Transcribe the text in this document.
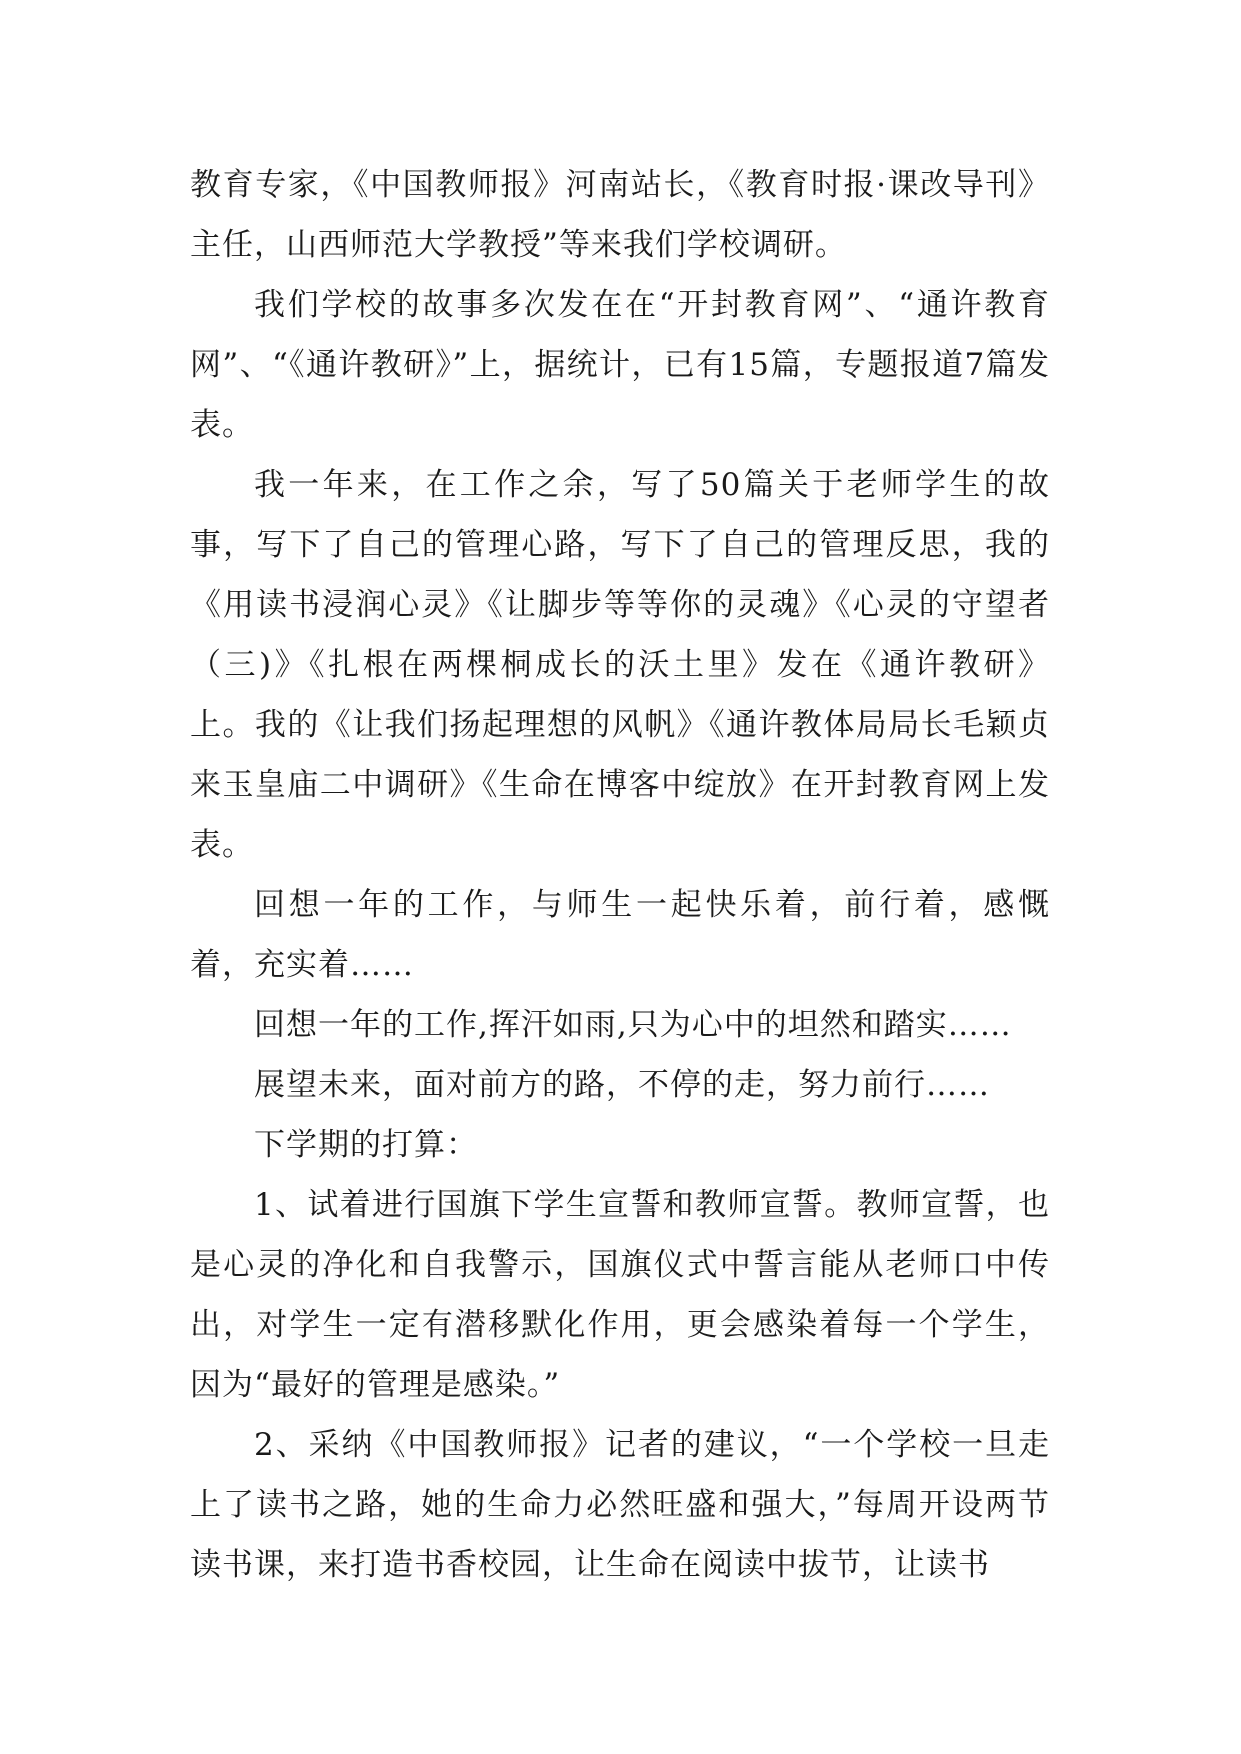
教育专家，《中国教师报》河南站长，《教育时报·课改导刊》主任，山西师范大学教授”等来我们学校调研。

我们学校的故事多次发在在“开封教育网”、“通许教育网”、“《通许教研》”上，据统计，已有15篇，专题报道7篇发表。

我一年来，在工作之余，写了50篇关于老师学生的故事，写下了自己的管理心路，写下了自己的管理反思，我的《用读书浸润心灵》《让脚步等等你的灵魂》《心灵的守望者（三)》《扎根在两棵桐成长的沃土里》发在《通许教研》上。我的《让我们扬起理想的风帆》《通许教体局局长毛颖贞来玉皇庙二中调研》《生命在博客中绽放》在开封教育网上发表。

回想一年的工作，与师生一起快乐着，前行着，感慨着，充实着……

回想一年的工作,挥汗如雨,只为心中的坦然和踏实……

展望未来，面对前方的路，不停的走，努力前行……

下学期的打算：

1、试着进行国旗下学生宣誓和教师宣誓。教师宣誓，也是心灵的净化和自我警示，国旗仪式中誓言能从老师口中传出，对学生一定有潜移默化作用，更会感染着每一个学生，因为“最好的管理是感染。”

2、采纳《中国教师报》记者的建议，“一个学校一旦走上了读书之路，她的生命力必然旺盛和强大，”每周开设两节读书课，来打造书香校园，让生命在阅读中拔节，让读书
